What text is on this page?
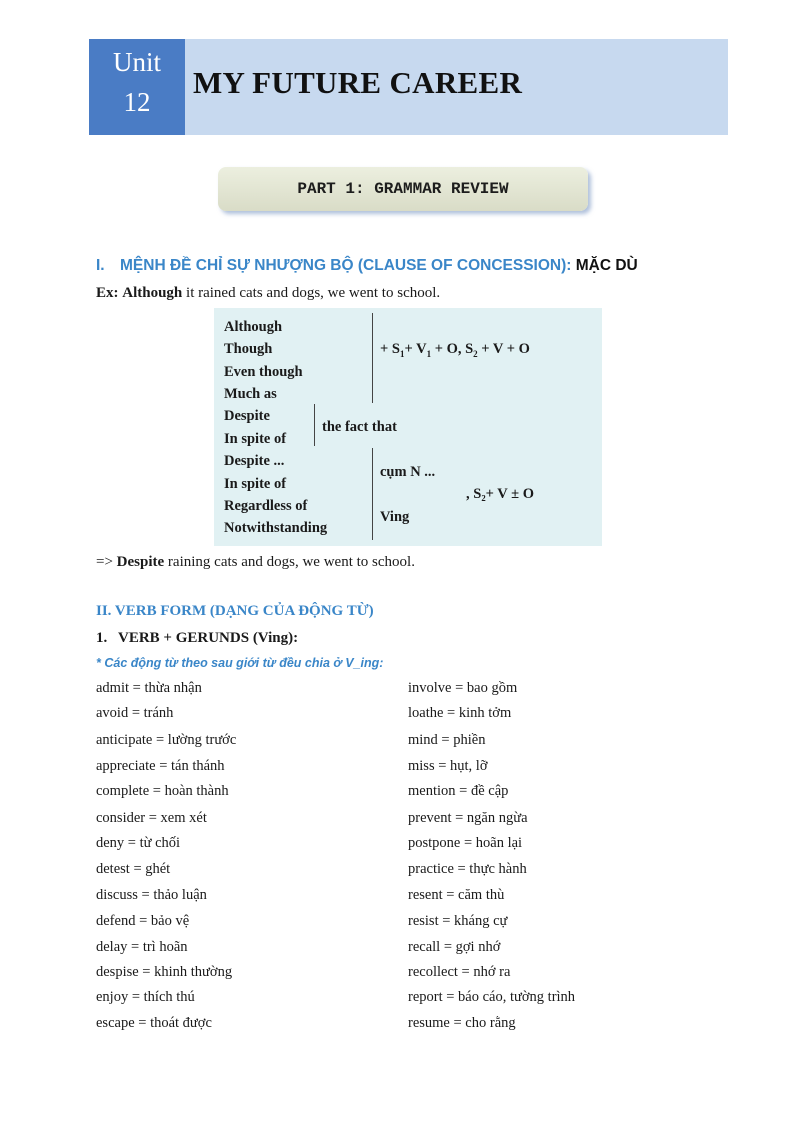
Unit
12
MY FUTURE CAREER
PART 1: GRAMMAR REVIEW
I. MỆNH ĐỀ CHỈ SỰ NHƯỢNG BỘ (CLAUSE OF CONCESSION): MẶC DÙ
Ex: Although it rained cats and dogs, we went to school.
Although
Though
Even though
Much as
+ $S_1+ V_1 + O$, $S_2 + V + O$
Despite
In spite of
the fact that
Despite ...
In spite of
Regardless of
Notwithstanding
cụm N ...
Ving
, S₂+ V ± O
=> Despite raining cats and dogs, we went to school.
II. VERB FORM (DẠNG CỦA ĐỘNG TỪ)
1. VERB + GERUNDS (Ving):
* Các động từ theo sau giới từ đều chia ở V_ing:
admit = thừa nhận
avoid = tránh
anticipate = lường trước
appreciate = tán thánh
complete = hoàn thành
consider = xem xét
deny = từ chối
detest = ghét
discuss = thảo luận
defend = bảo vệ
delay = trì hoãn
despise = khinh thường
enjoy = thích thú
escape = thoát được
involve = bao gồm
loathe = kinh tởm
mind = phiền
miss = hụt, lỡ
mention = đề cập
prevent = ngăn ngừa
postpone = hoãn lại
practice = thực hành
resent = căm thù
resist = kháng cự
recall = gợi nhớ
recollect = nhớ ra
report = báo cáo, tường trình
resume = cho rằng
